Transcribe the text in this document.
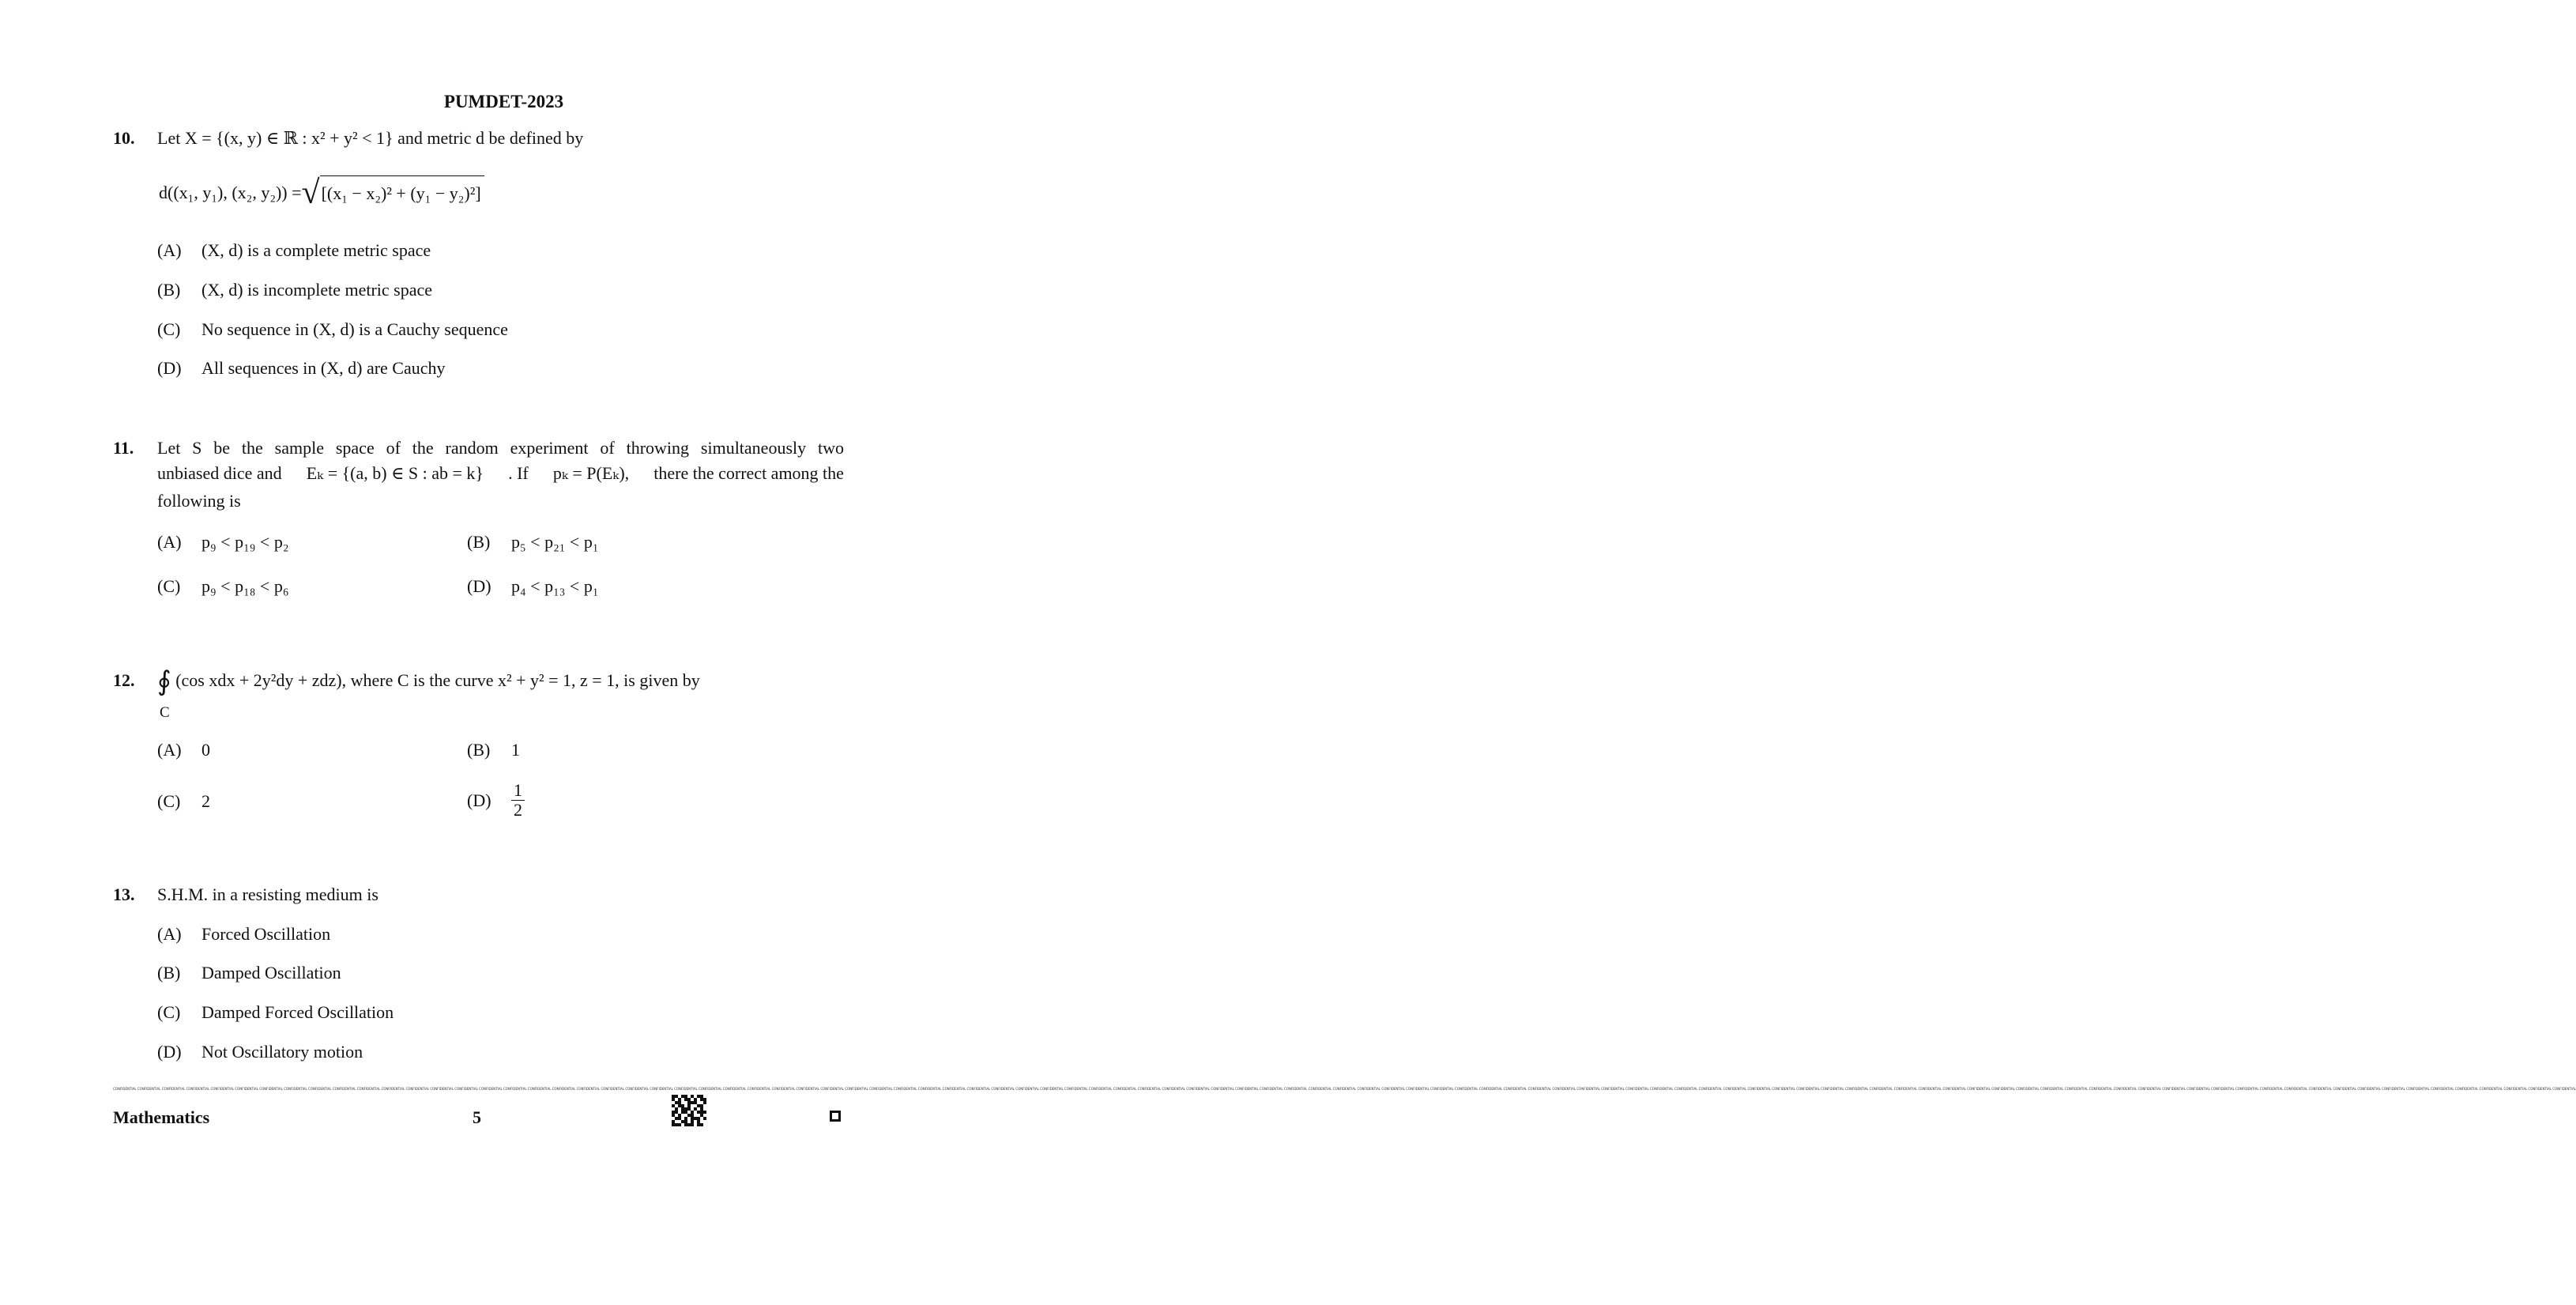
PUMDET-2023
10. Let X = {(x, y) ∈ ℝ : x² + y² < 1} and metric d be defined by
d((x₁, y₁), (x₂, y₂)) = √ [(x₁ − x₂)² + (y₁ − y₂)²]
(A) (X, d) is a complete metric space
(B) (X, d) is incomplete metric space
(C) No sequence in (X, d) is a Cauchy sequence
(D) All sequences in (X, d) are Cauchy
11. Let S be the sample space of the random experiment of throwing simultaneously two
unbiased dice and Eₖ = {(a, b) ∈ S : ab = k} . If pₖ = P(Eₖ), there the correct among the
following is
(A) p₉ < p₁₉ < p₂	(B) p₅ < p₂₁ < p₁
(C) p₉ < p₁₈ < p₆	(D) p₄ < p₁₃ < p₁
12. ∮ (cos xdx + 2y²dy + zdz), where C is the curve x² + y² = 1, z = 1, is given by
C
(A) 0	(B) 1
(C) 2	(D)	$\frac{1}{2}$
13. S.H.M. in a resisting medium is
(A) Forced Oscillation
(B) Damped Oscillation
(C) Damped Forced Oscillation
(D) Not Oscillatory motion
CONFIDENTIAL CONFIDENTIAL CONFIDENTIAL CONFIDENTIAL CONFIDENTIAL CONFIDENTIAL CONFIDENTIAL CONFIDENTIAL CONFIDENTIAL CONFIDENTIAL CONFIDENTIAL CONFIDENTIAL CONFIDENTIAL CONFIDENTIAL CONFIDENTIAL CONFIDENTIAL CONFIDENTIAL CONFIDENTIAL CONFIDENTIAL CONFIDENTIAL CONFIDENTIAL CONFIDENTIAL CONFIDENTIAL CONFIDENTIAL CONFIDENTIAL CONFIDENTIAL CONFIDENTIAL CONFIDENTIAL CONFIDENTIAL CONFIDENTIAL CONFIDENTIAL CONFIDENTIAL CONFIDENTIAL CONFIDENTIAL CONFIDENTIAL CONFIDENTIAL CONFIDENTIAL CONFIDENTIAL CONFIDENTIAL CONFIDENTIAL CONFIDENTIAL CONFIDENTIAL CONFIDENTIAL CONFIDENTIAL CONFIDENTIAL CONFIDENTIAL CONFIDENTIAL CONFIDENTIAL CONFIDENTIAL CONFIDENTIAL CONFIDENTIAL CONFIDENTIAL CONFIDENTIAL CONFIDENTIAL CONFIDENTIAL CONFIDENTIAL CONFIDENTIAL CONFIDENTIAL CONFIDENTIAL CONFIDENTIAL CONFIDENTIAL CONFIDENTIAL CONFIDENTIAL CONFIDENTIAL CONFIDENTIAL CONFIDENTIAL CONFIDENTIAL CONFIDENTIAL CONFIDENTIAL CONFIDENTIAL CONFIDENTIAL CONFIDENTIAL CONFIDENTIAL CONFIDENTIAL CONFIDENTIAL CONFIDENTIAL CONFIDENTIAL CONFIDENTIAL CONFIDENTIAL CONFIDENTIAL CONFIDENTIAL CONFIDENTIAL CONFIDENTIAL CONFIDENTIAL CONFIDENTIAL CONFIDENTIAL CONFIDENTIAL CONFIDENTIAL CONFIDENTIAL CONFIDENTIAL CONFIDENTIAL CONFIDENTIAL CONFIDENTIAL CONFIDENTIAL CONFIDENTIAL CONFIDENTIAL CONFIDENTIAL CONFIDENTIAL CONFIDENTIAL CONFIDENTIAL CONFIDENTIAL
Mathematics	5
